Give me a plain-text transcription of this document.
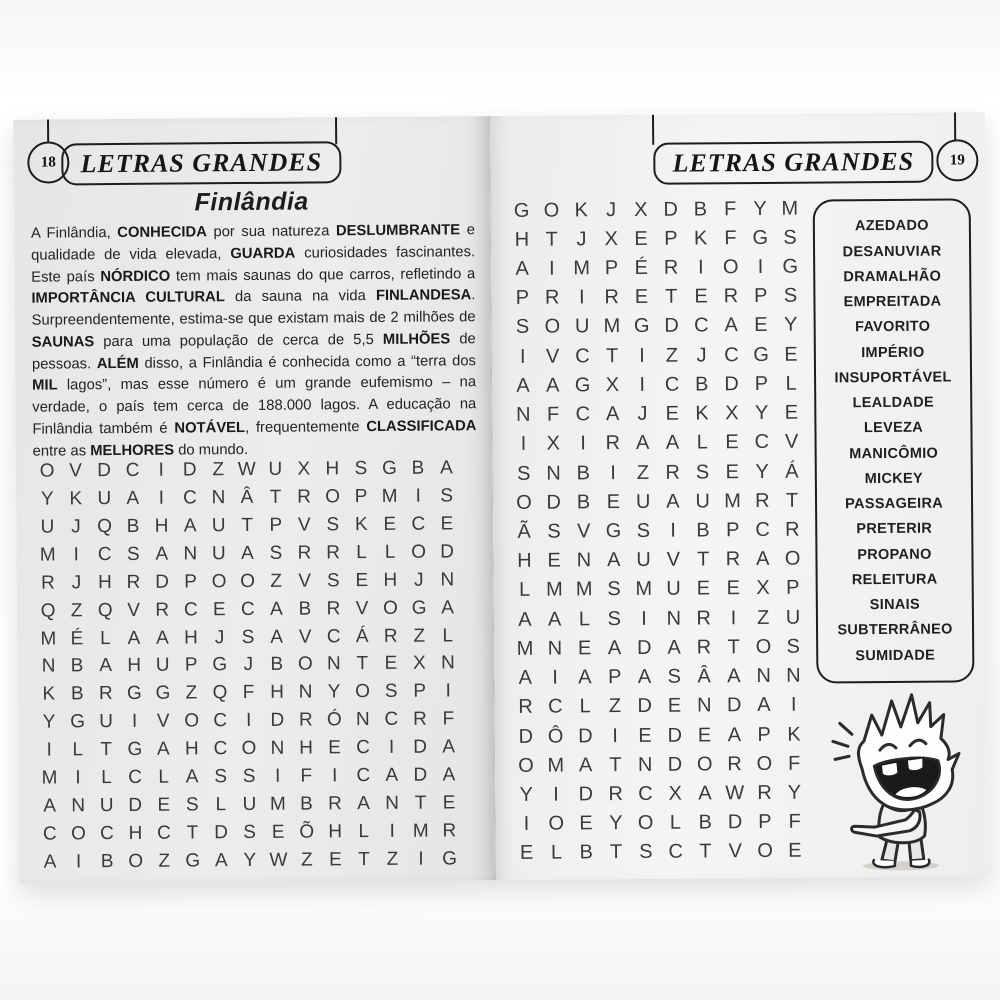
18 LETRAS GRANDES
Finlândia

A Finlândia, CONHECIDA por sua natureza DESLUMBRANTE e qualidade de vida elevada, GUARDA curiosidades fascinantes. Este país NÓRDICO tem mais saunas do que carros, refletindo a IMPORTÂNCIA CULTURAL da sauna na vida FINLANDESA. Surpreendentemente, estima-se que existam mais de 2 milhões de SAUNAS para uma população de cerca de 5,5 MILHÕES de pessoas. ALÉM disso, a Finlândia é conhecida como a “terra dos MIL lagos”, mas esse número é um grande eufemismo – na verdade, o país tem cerca de 188.000 lagos. A educação na Finlândia também é NOTÁVEL, frequentemente CLASSIFICADA entre as MELHORES do mundo.

O V D C I D Z W U X H S G B A
Y K U A I C N Â T R O P M I S
U J Q B H A U T P V S K E C E
M I C S A N U A S R R L L O D
R J H R D P O O Z V S E H J N
Q Z Q V R C E C A B R V O G A
M É L A A H J S A V C Á R Z L
N B A H U P G J B O N T E X N
K B R G G Z Q F H N Y O S P I
Y G U I V O C I D R Ó N C R F
I L T G A H C O N H E C I D A
M I L C L A S S I F I C A D A
A N U D E S L U M B R A N T E
C O C H C T D S E Õ H L I M R
A I B O Z G A Y W Z E T Z I G
LETRAS GRANDES 19
G O K J X D B F Y M
H T J X E P K F G S
A I M P É R I O I G
P R I R E T E R P S
S O U M G D C A E Y
I V C T I Z J C G E
A A G X I C B D P L
N F C A J E K X Y E
I X I R A A L E C V
S N B I Z R S E Y Á
O D B E U A U M R T
Ã S V G S I B P C R
H E N A U V T R A O
L M M S M U E E X P
A A L S I N R I Z U
M N E A D A R T O S
A I A P A S Â A N N
R C L Z D E N D A I
D Ô D I E D E A P K
O M A T N D O R O F
Y I D R C X A W R Y
I O E Y O L B D P F
E L B T S C T V O E
AZEDADO
DESANUVIAR
DRAMALHÃO
EMPREITADA
FAVORITO
IMPÉRIO
INSUPORTÁVEL
LEALDADE
LEVEZA
MANICÔMIO
MICKEY
PASSAGEIRA
PRETERIR
PROPANO
RELEITURA
SINAIS
SUBTERRÂNEO
SUMIDADE
